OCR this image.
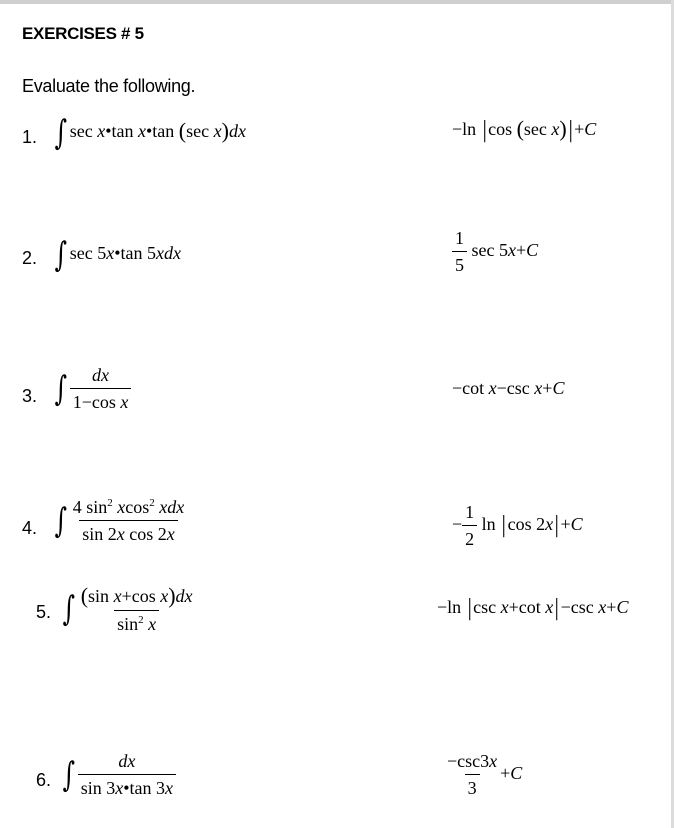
EXERCISES # 5
Evaluate the following.
1. ∫ sec x•tan x•tan (sec x)dx	−ln |cos (sec x)|+C
2. ∫ sec 5x•tan 5xdx	$\frac{1}{5}$ sec 5x+C
3. ∫ $\frac{dx}{\text{1−cos x}}$	−cot x−csc x+C
4. ∫ $\frac{4 \sin^2 xcos^2 xdx}{\text{sin 2x cos 2x}}$	− $\frac{1}{2}$ ln |cos 2x|+C
5. ∫ $\frac{\text{(sin x+cos x)dx}}{\sin^2 x}$	−ln |csc x+cot x|−csc x+C
6. ∫ $\frac{dx}{\sin 3x•\tan 3x}$	$\frac{-\csc 3x}{3} +C$
